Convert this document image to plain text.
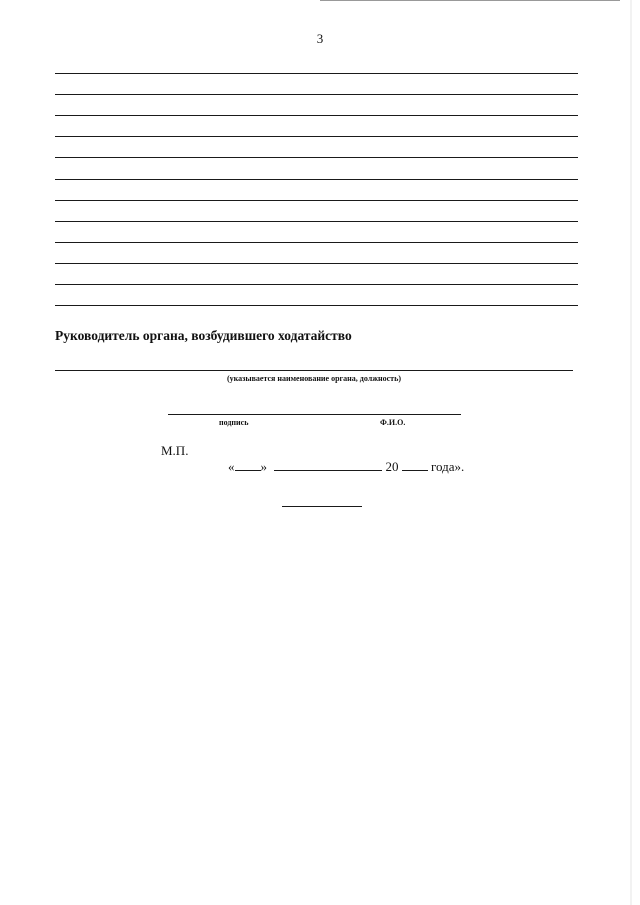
3
Руководитель органа, возбудившего ходатайство
(указывается наименование органа, должность)
подпись	Ф.И.О.
М.П.
« »	20	года».
